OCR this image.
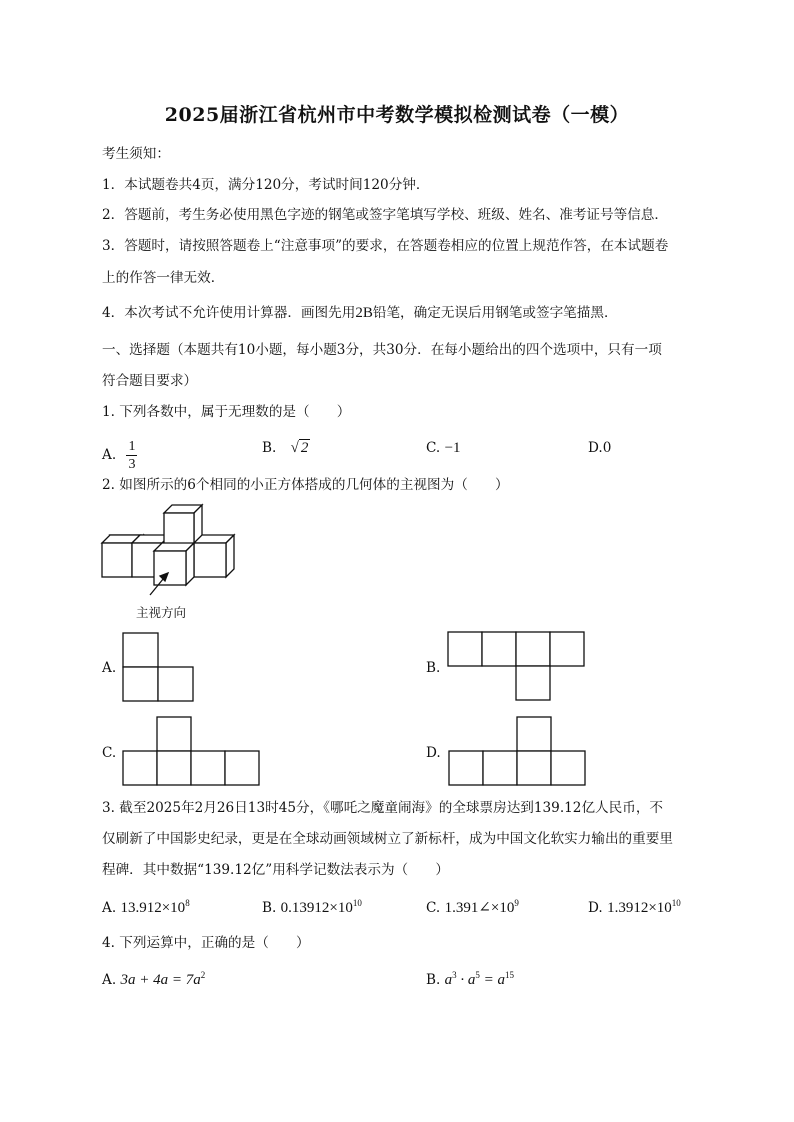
2025届浙江省杭州市中考数学模拟检测试卷（一模）
考生须知：
1．本试题卷共4页，满分120分，考试时间120分钟．
2．答题前，考生务必使用黑色字迹的钢笔或签字笔填写学校、班级、姓名、准考证号等信息．
3．答题时，请按照答题卷上“注意事项”的要求，在答题卷相应的位置上规范作答，在本试题卷
上的作答一律无效．
4．本次考试不允许使用计算器．画图先用2B铅笔，确定无误后用钢笔或签字笔描黑．
一、选择题（本题共有10小题，每小题3分，共30分．在每小题给出的四个选项中，只有一项
符合题目要求）
1. 下列各数中，属于无理数的是（　　）
A. $\frac{1}{3}$	B. √ 2	C. −1	D.0
2. 如图所示的6个相同的小正方体搭成的几何体的主视图为（　　）
主视方向
A.	B.
C.	D.
3. 截至2025年2月26日13时45分，《哪吒之魔童闹海》的全球票房达到139.12亿人民币，不
仅刷新了中国影史纪录，更是在全球动画领域树立了新标杆，成为中国文化软实力输出的重要里
程碑．其中数据“139.12亿”用科学记数法表示为（　　）
A. $13.912\times 10^8$	B. $0.13912\times 10^{10}$	C. $1.391\angle\times 10^9$	D. $1.3912\times 10^{10}$
4. 下列运算中，正确的是（　　）
A. $3a + 4a = 7a^2$	B. $a^3 \cdot a^5 = a^{15}$
